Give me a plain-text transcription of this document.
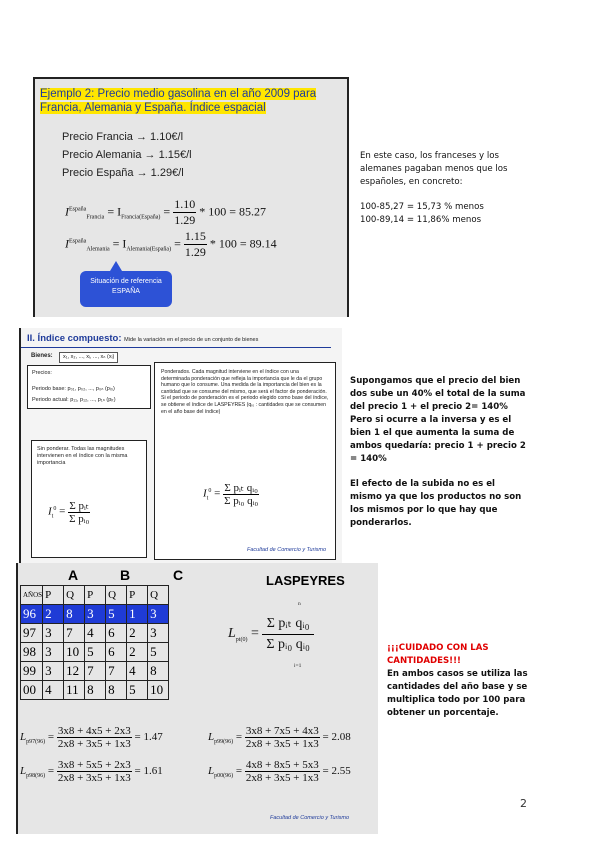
Ejemplo 2: Precio medio gasolina en el año 2009 para Francia, Alemania y España. Índice espacial
Precio Francia → 1.10€/l
Precio Alemania → 1.15€/l
Precio España → 1.29€/l
$I^{España}_{Francia} = I_{Francia(España)} = \frac{1.10}{1.29} * 100 = 85.27$
$I^{España}_{Alemania} = I_{Alemania(España)} = \frac{1.15}{1.29} * 100 = 89.14$
Situación de referencia ESPAÑA
En este caso, los franceses y los alemanes pagaban menos que los españoles, en concreto:
100-85,27 = 15,73 % menos
100-89,14 = 11,86% menos
II. Índice compuesto: Mide la variación en el precio de un conjunto de bienes
Bienes:	x₁, x₂, ..., xᵢ, ..., xₙ (xᵢ)
Precios:
Periodo base: p₀₁, p₀₂, ..., p₀ₙ (pᵢ₀)
Periodo actual: p₁₁, p₁₂, ..., p₁ₙ (pᵢₜ)
Sin ponderar. Todas las magnitudes intervienen en el índice con la misma importancia
$I_t^0 = \frac{\text{Σ pᵢₜ}}{\text{Σ pᵢ₀}}$
Ponderados. Cada magnitud interviene en el índice con una determinada ponderación que refleja la importancia que le da el grupo humano que lo consume. Una medida de la importancia del bien es la cantidad que se consume del mismo, que será el factor de ponderación. Si el periodo de ponderación es el periodo elegido como base del índice, se obtiene el índice de LASPEYRES (qᵢ₀ : cantidades que se consumen en el año base del índice)
$I_t^0 = \frac{\text{Σ pᵢₜ qᵢ₀}}{\text{Σ pᵢ₀ qᵢ₀}}$
Facultad de Comercio y Turismo
Supongamos que el precio del bien dos sube un 40% el total de la suma del precio 1 + el precio 2= 140% Pero si ocurre a la inversa y es el bien 1 el que aumenta la suma de ambos quedaría: precio 1 + precio 2 = 140%
El efecto de la subida no es el mismo ya que los productos no son los mismos por lo que hay que ponderarlos.
A	B	C
AÑOS	P	Q	P	Q	P	Q
96	2	8	3	5	1	3
97	3	7	4	6	2	3
98	3	10	5	6	2	5
99	3	12	7	7	4	8
00	4	11	8	8	5	10
LASPEYRES
$L_{pt(0)} = \frac{\text{Σ pᵢₜ qᵢ₀}}{\text{Σ pᵢ₀ qᵢ₀}}$
n
i=1
$L_{p97(96)} = \frac{3x8 + 4x5 + 2x3}{2x8 + 3x5 + 1x3} = 1.47$	$L_{p99(96)} = \frac{3x8 + 7x5 + 4x3}{2x8 + 3x5 + 1x3} = 2.08$
$L_{p98(96)} = \frac{3x8 + 5x5 + 2x3}{2x8 + 3x5 + 1x3} = 1.61$	$L_{p00(96)} = \frac{4x8 + 8x5 + 5x3}{2x8 + 3x5 + 1x3} = 2.55$
Facultad de Comercio y Turismo
¡¡¡CUIDADO CON LAS CANTIDADES!!!
En ambos casos se utiliza las cantidades del año base y se multiplica todo por 100 para obtener un porcentaje.
2
